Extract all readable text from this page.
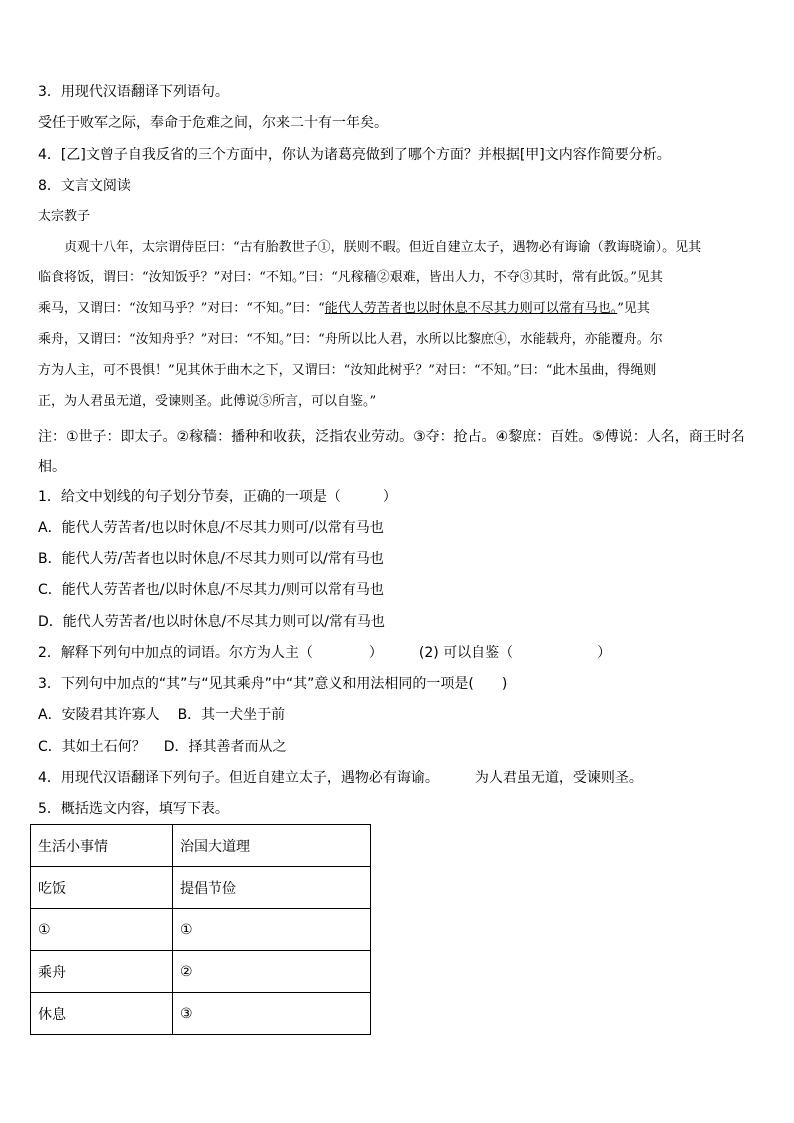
3．用现代汉语翻译下列语句。
受任于败军之际，奉命于危难之间，尔来二十有一年矣。
4．[乙]文曾子自我反省的三个方面中，你认为诸葛亮做到了哪个方面？并根据[甲]文内容作简要分析。
8．文言文阅读
太宗教子
贞观十八年，太宗谓侍臣曰：“古有胎教世子①，朕则不暇。但近自建立太子，遇物必有诲谕（教诲晓谕）。见其
临食将饭，谓曰：“汝知饭乎？”对曰：“不知。”曰：“凡稼穑②艰难，皆出人力，不夺③其时，常有此饭。”见其
乘马，又谓曰：“汝知马乎？”对曰：“不知。”曰：“能代人劳苦者也以时休息不尽其力则可以常有马也。”见其
乘舟，又谓曰：“汝知舟乎？”对曰：“不知。”曰：“舟所以比人君，水所以比黎庶④，水能载舟，亦能覆舟。尔
方为人主，可不畏惧！”见其休于曲木之下，又谓曰：“汝知此树乎？”对曰：“不知。”曰：“此木虽曲，得绳则
正，为人君虽无道，受谏则圣。此傅说⑤所言，可以自鉴。”
注：①世子：即太子。②稼穑：播种和收获，泛指农业劳动。③夺：抢占。④黎庶：百姓。⑤傅说：人名，商王时名
相。
1．给文中划线的句子划分节奏，正确的一项是（　　　）
A．能代人劳苦者/也以时休息/不尽其力则可/以常有马也
B．能代人劳/苦者也以时休息/不尽其力则可以/常有马也
C．能代人劳苦者也/以时休息/不尽其力/则可以常有马也
D．能代人劳苦者/也以时休息/不尽其力则可以/常有马也
2．解释下列句中加点的词语。尔方为人主（　　　　）	(2) 可以自鉴（　　　　　　）
3．下列句中加点的“其”与“见其乘舟”中“其”意义和用法相同的一项是(　　)
A．安陵君其许寡人 B．其一犬坐于前
C．其如土石何？ D．择其善者而从之
4．用现代汉语翻译下列句子。但近自建立太子，遇物必有诲谕。	为人君虽无道，受谏则圣。
5．概括选文内容，填写下表。
生活小事情	治国大道理
吃饭	提倡节俭
①	①
乘舟	②
休息	③
